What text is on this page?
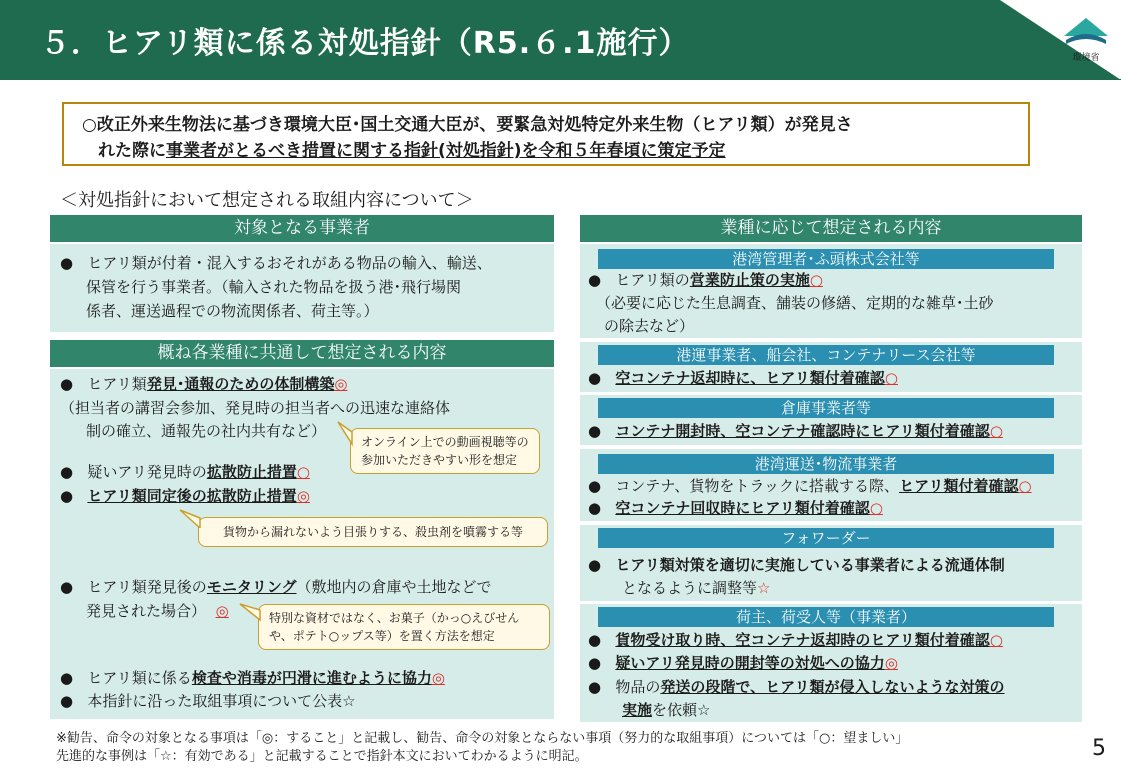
５．ヒアリ類に係る対処指針（R5.６.1施行）	環境省
○改正外来生物法に基づき環境大臣･国土交通大臣が、要緊急対処特定外来生物（ヒアリ類）が発見さ
れた際に事業者がとるべき措置に関する指針(対処指針)を令和５年春頃に策定予定
＜対処指針において想定される取組内容について＞
対象となる事業者
●   ヒアリ類が付着・混入するおそれがある物品の輸入、輸送、
保管を行う事業者。（輸入された物品を扱う港･飛行場関
係者、運送過程での物流関係者、荷主等。）
概ね各業種に共通して想定される内容
●   ヒアリ類発見･通報のための体制構築◎
（担当者の講習会参加、発見時の担当者への迅速な連絡体
制の確立、通報先の社内共有など）
オンライン上での動画視聴等の
参加いただきやすい形を想定
●   疑いアリ発見時の拡散防止措置○
●   ヒアリ類同定後の拡散防止措置◎
貨物から漏れないよう目張りする、殺虫剤を噴霧する等
●   ヒアリ類発見後のモニタリング（敷地内の倉庫や土地などで
発見された場合） ◎	特別な資材ではなく、お菓子（かっ○えびせん
や、ポテト○ップス等）を置く方法を想定
●   ヒアリ類に係る検査や消毒が円滑に進むように協力◎
●   本指針に沿った取組事項について公表☆
業種に応じて想定される内容
港湾管理者･ふ頭株式会社等
●   ヒアリ類の営業防止策の実施○
（必要に応じた生息調査、舗装の修繕、定期的な雑草･土砂
の除去など）
港運事業者、船会社、コンテナリース会社等
●   空コンテナ返却時に、ヒアリ類付着確認○
倉庫事業者等
●   コンテナ開封時、空コンテナ確認時にヒアリ類付着確認○
港湾運送･物流事業者
●   コンテナ、貨物をトラックに搭載する際、ヒアリ類付着確認○
●   空コンテナ回収時にヒアリ類付着確認○
フォワーダー
●   ヒアリ類対策を適切に実施している事業者による流通体制
となるように調整等☆
荷主、荷受人等（事業者）
●   貨物受け取り時、空コンテナ返却時のヒアリ類付着確認○
●   疑いアリ発見時の開封等の対処への協力◎
●   物品の発送の段階で、ヒアリ類が侵入しないような対策の
実施を依頼☆
※勧告、命令の対象となる事項は「◎：すること」と記載し、勧告、命令の対象とならない事項（努力的な取組事項）については「○：望ましい」
先進的な事例は「☆：有効である」と記載することで指針本文においてわかるように明記。	5
